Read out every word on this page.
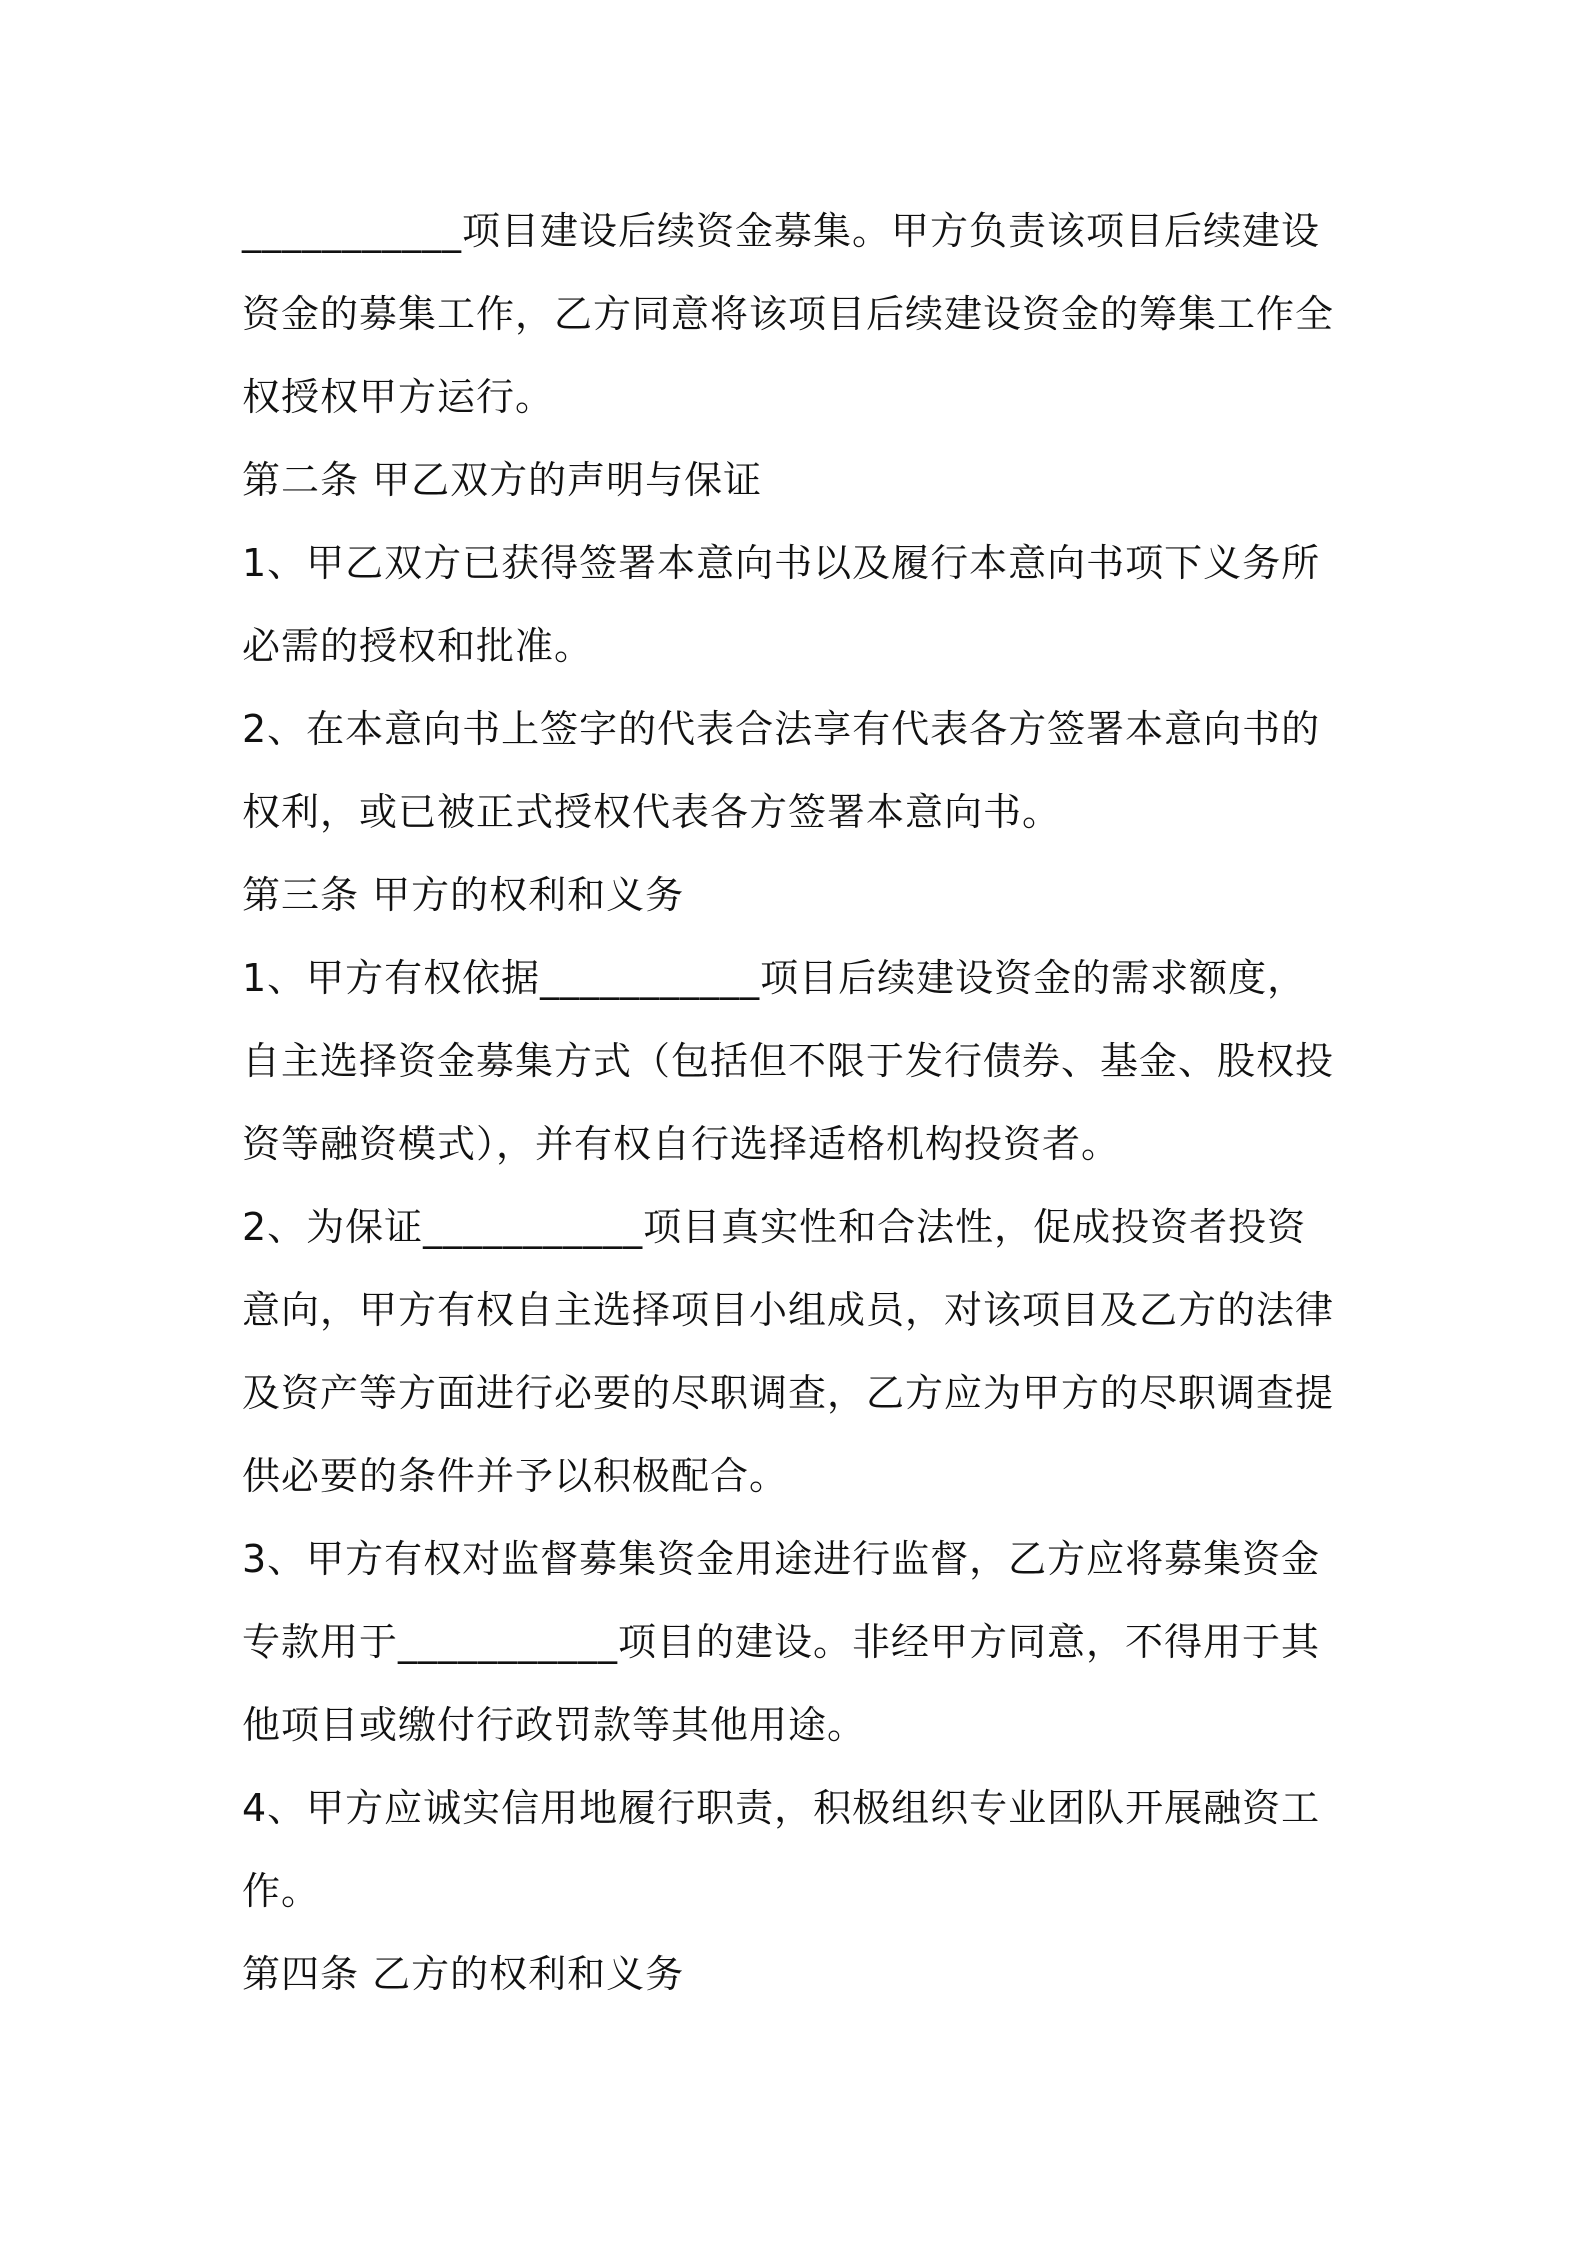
___________项目建设后续资金募集。甲方负责该项目后续建设
资金的募集工作，乙方同意将该项目后续建设资金的筹集工作全
权授权甲方运行。
第二条 甲乙双方的声明与保证
1、甲乙双方已获得签署本意向书以及履行本意向书项下义务所
必需的授权和批准。
2、在本意向书上签字的代表合法享有代表各方签署本意向书的
权利，或已被正式授权代表各方签署本意向书。
第三条 甲方的权利和义务
1、甲方有权依据___________项目后续建设资金的需求额度，
自主选择资金募集方式（包括但不限于发行债券、基金、股权投
资等融资模式），并有权自行选择适格机构投资者。
2、为保证___________项目真实性和合法性，促成投资者投资
意向，甲方有权自主选择项目小组成员，对该项目及乙方的法律
及资产等方面进行必要的尽职调查，乙方应为甲方的尽职调查提
供必要的条件并予以积极配合。
3、甲方有权对监督募集资金用途进行监督，乙方应将募集资金
专款用于___________项目的建设。非经甲方同意，不得用于其
他项目或缴付行政罚款等其他用途。
4、甲方应诚实信用地履行职责，积极组织专业团队开展融资工
作。
第四条 乙方的权利和义务
